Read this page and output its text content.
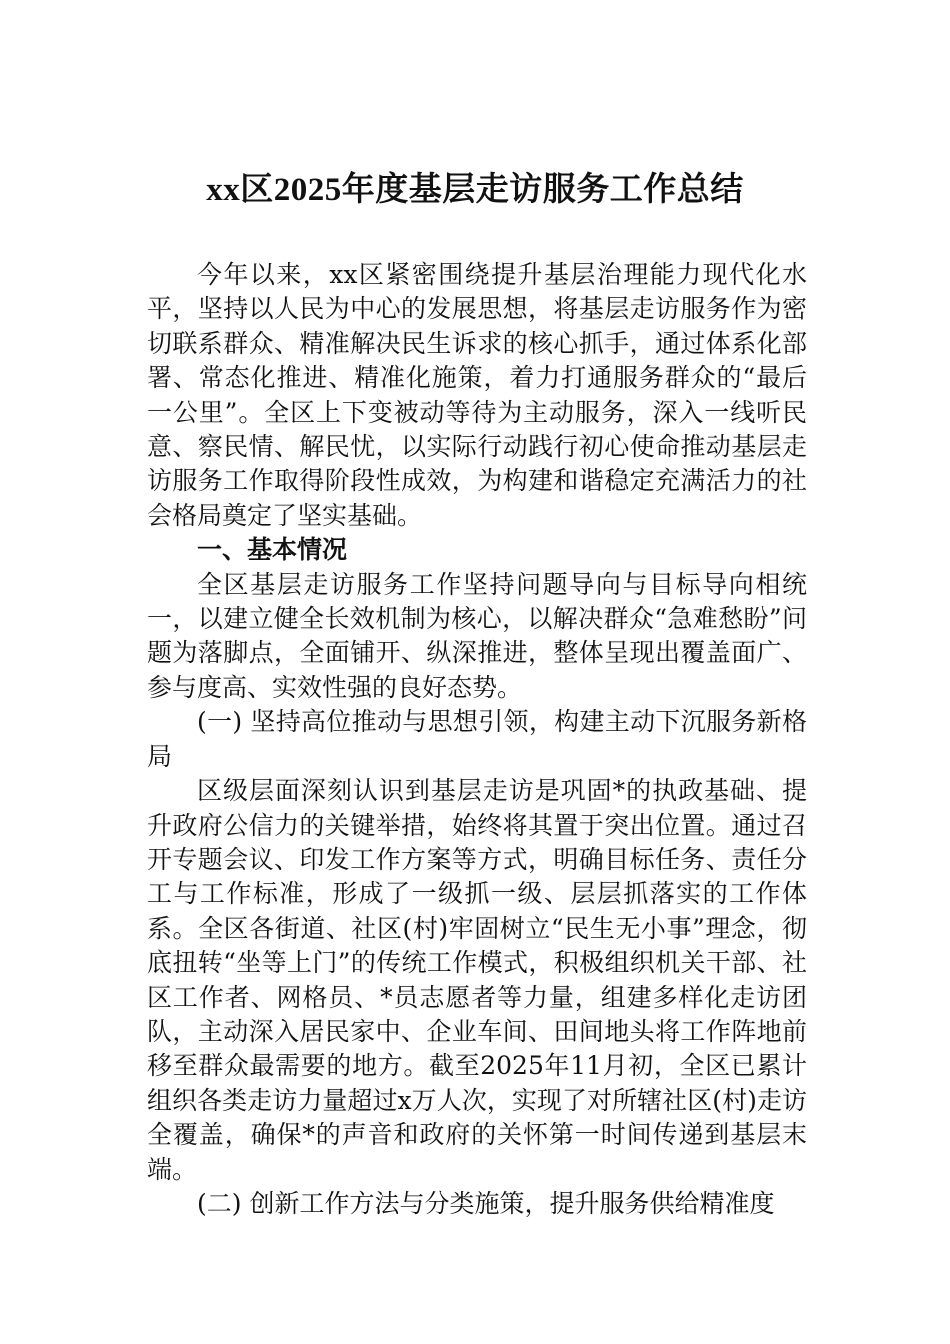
xx区2025年度基层走访服务工作总结

今年以来，xx区紧密围绕提升基层治理能力现代化水平，坚持以人民为中心的发展思想，将基层走访服务作为密切联系群众、精准解决民生诉求的核心抓手，通过体系化部署、常态化推进、精准化施策，着力打通服务群众的“最后一公里”。全区上下变被动等待为主动服务，深入一线听民意、察民情、解民忧，以实际行动践行初心使命推动基层走访服务工作取得阶段性成效，为构建和谐稳定充满活力的社会格局奠定了坚实基础。

一、基本情况

全区基层走访服务工作坚持问题导向与目标导向相统一，以建立健全长效机制为核心，以解决群众“急难愁盼”问题为落脚点，全面铺开、纵深推进，整体呈现出覆盖面广、参与度高、实效性强的良好态势。

(一) 坚持高位推动与思想引领，构建主动下沉服务新格局

区级层面深刻认识到基层走访是巩固*的执政基础、提升政府公信力的关键举措，始终将其置于突出位置。通过召开专题会议、印发工作方案等方式，明确目标任务、责任分工与工作标准，形成了一级抓一级、层层抓落实的工作体系。全区各街道、社区(村)牢固树立“民生无小事”理念，彻底扭转“坐等上门”的传统工作模式，积极组织机关干部、社区工作者、网格员、*员志愿者等力量，组建多样化走访团队，主动深入居民家中、企业车间、田间地头将工作阵地前移至群众最需要的地方。截至2025年11月初，全区已累计组织各类走访力量超过x万人次，实现了对所辖社区(村)走访全覆盖，确保*的声音和政府的关怀第一时间传递到基层末端。

(二) 创新工作方法与分类施策，提升服务供给精准度
